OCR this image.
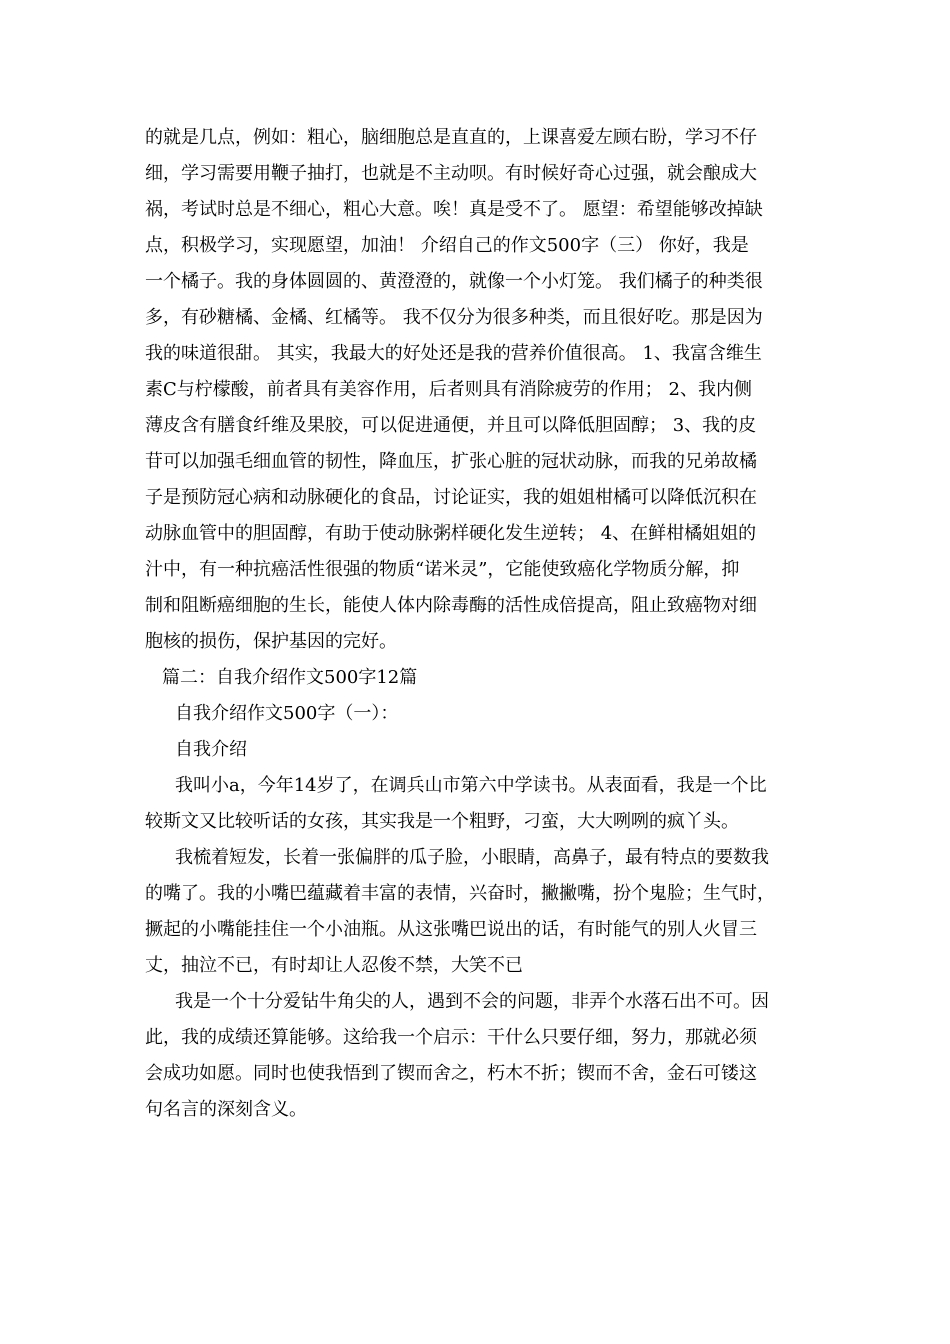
的就是几点，例如：粗心，脑细胞总是直直的，上课喜爱左顾右盼，学习不仔
细，学习需要用鞭子抽打，也就是不主动呗。有时候好奇心过强，就会酿成大
祸，考试时总是不细心，粗心大意。唉！真是受不了。 愿望：希望能够改掉缺
点，积极学习，实现愿望，加油！ 介绍自己的作文500字（三） 你好，我是
一个橘子。我的身体圆圆的、黄澄澄的，就像一个小灯笼。 我们橘子的种类很
多，有砂糖橘、金橘、红橘等。 我不仅分为很多种类，而且很好吃。那是因为
我的味道很甜。 其实，我最大的好处还是我的营养价值很高。 1、我富含维生
素C与柠檬酸，前者具有美容作用，后者则具有消除疲劳的作用； 2、我内侧
薄皮含有膳食纤维及果胶，可以促进通便，并且可以降低胆固醇； 3、我的皮
苷可以加强毛细血管的韧性，降血压，扩张心脏的冠状动脉，而我的兄弟故橘
子是预防冠心病和动脉硬化的食品，讨论证实，我的姐姐柑橘可以降低沉积在
动脉血管中的胆固醇，有助于使动脉粥样硬化发生逆转； 4、在鲜柑橘姐姐的
汁中，有一种抗癌活性很强的物质“诺米灵”，它能使致癌化学物质分解，抑
制和阻断癌细胞的生长，能使人体内除毒酶的活性成倍提高，阻止致癌物对细
胞核的损伤，保护基因的完好。
篇二：自我介绍作文500字12篇
自我介绍作文500字（一）：
自我介绍
我叫小a，今年14岁了，在调兵山市第六中学读书。从表面看，我是一个比
较斯文又比较听话的女孩，其实我是一个粗野，刁蛮，大大咧咧的疯丫头。
我梳着短发，长着一张偏胖的瓜子脸，小眼睛，高鼻子，最有特点的要数我
的嘴了。我的小嘴巴蕴藏着丰富的表情，兴奋时，撇撇嘴，扮个鬼脸；生气时，
撅起的小嘴能挂住一个小油瓶。从这张嘴巴说出的话，有时能气的别人火冒三
丈，抽泣不已，有时却让人忍俊不禁，大笑不已
我是一个十分爱钻牛角尖的人，遇到不会的问题，非弄个水落石出不可。因
此，我的成绩还算能够。这给我一个启示：干什么只要仔细，努力，那就必须
会成功如愿。同时也使我悟到了锲而舍之，朽木不折；锲而不舍，金石可镂这
句名言的深刻含义。
